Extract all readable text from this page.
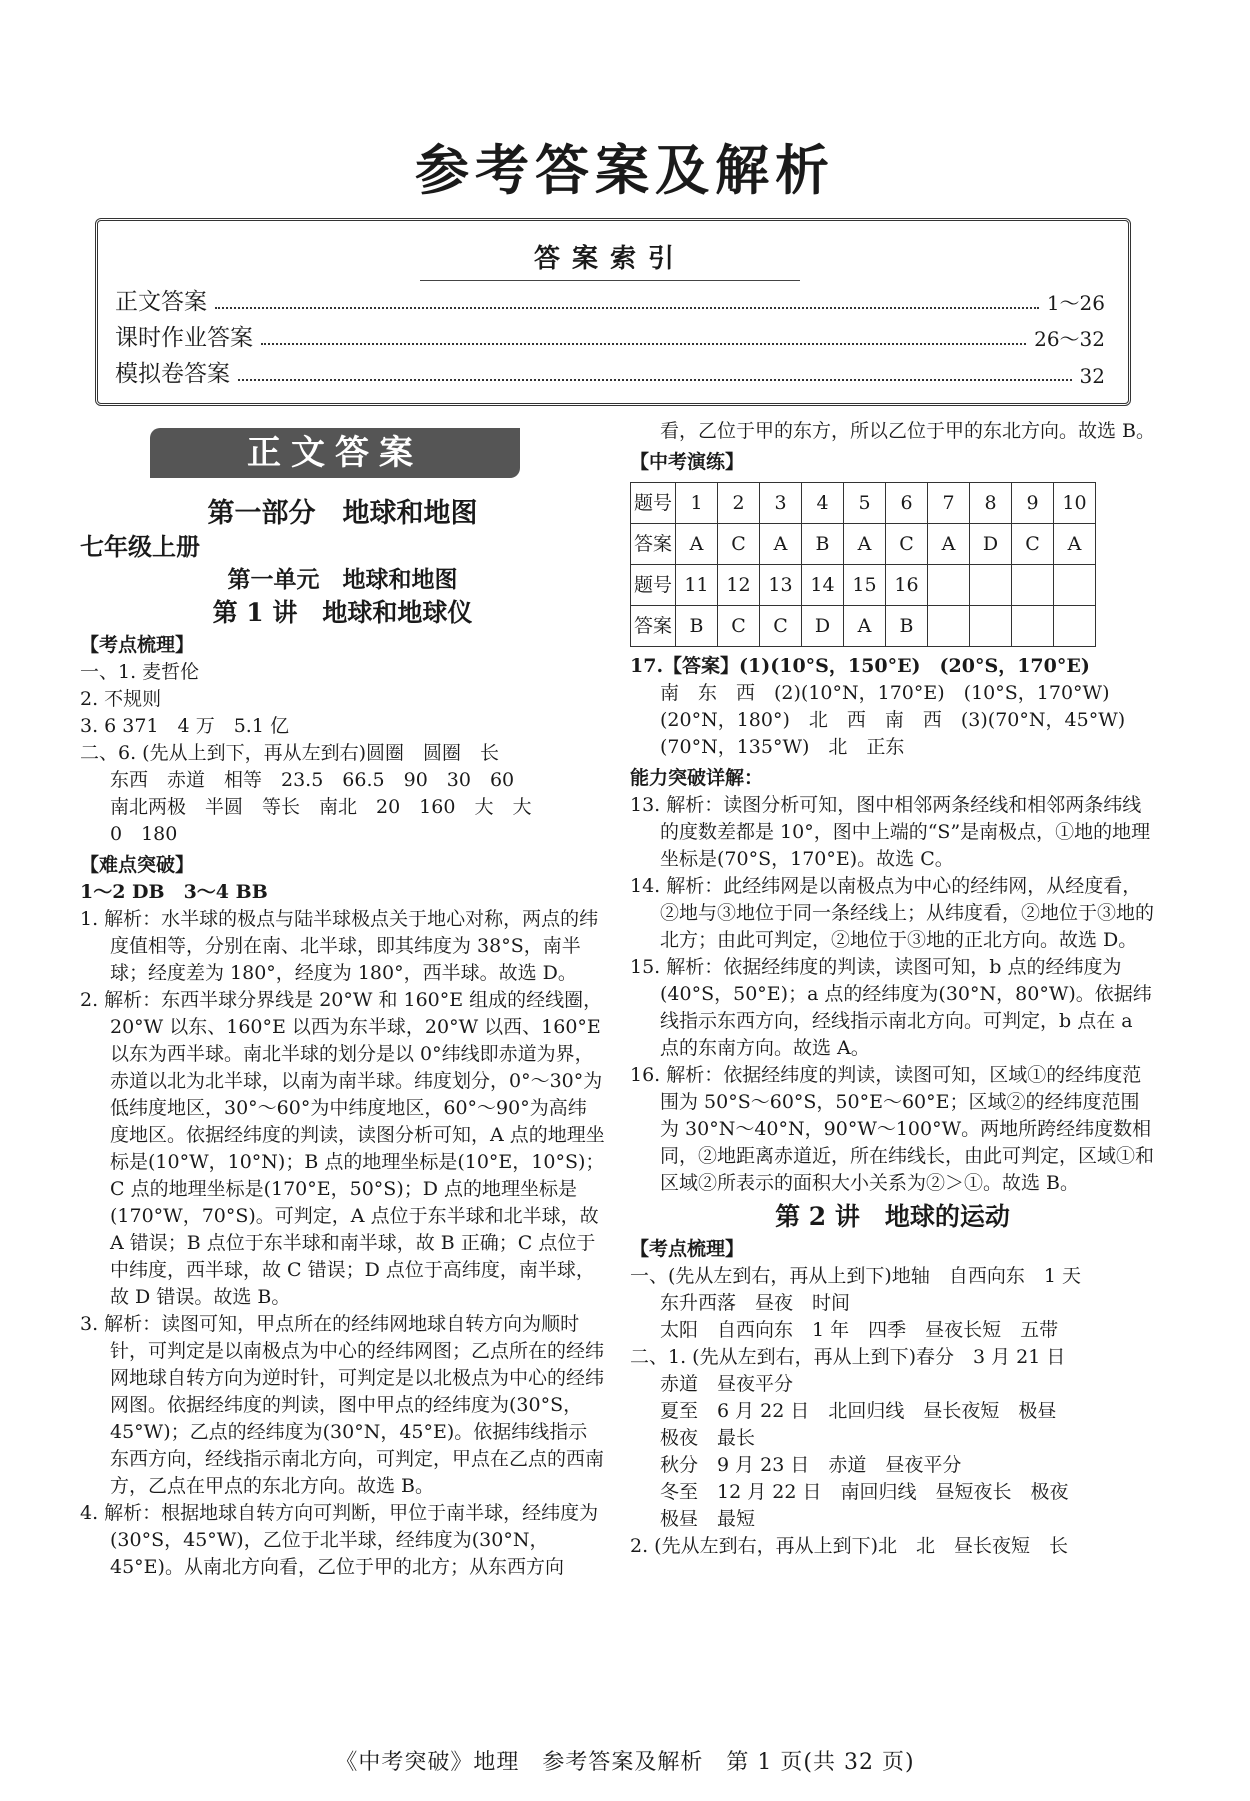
参考答案及解析
答案索引
正文答案	1～26
课时作业答案	26～32
模拟卷答案	32
正文答案
第一部分　地球和地图
七年级上册
第一单元　地球和地图
第 1 讲　地球和地球仪
【考点梳理】

一、1. 麦哲伦

2. 不规则

3. 6 371　4 万　5.1 亿

二、6. (先从上到下，再从左到右)圆圈　圆圈　长

东西　赤道　相等　23.5　66.5　90　30　60

南北两极　半圆　等长　南北　20　160　大　大

0　180

【难点突破】

1～2 DB　3～4 BB

1. 解析：水半球的极点与陆半球极点关于地心对称，两点的纬度值相等，分别在南、北半球，即其纬度为 38°S，南半球；经度差为 180°，经度为 180°，西半球。故选 D。

2. 解析：东西半球分界线是 20°W 和 160°E 组成的经线圈，20°W 以东、160°E 以西为东半球，20°W 以西、160°E 以东为西半球。南北半球的划分是以 0°纬线即赤道为界，赤道以北为北半球，以南为南半球。纬度划分，0°～30°为低纬度地区，30°～60°为中纬度地区，60°～90°为高纬度地区。依据经纬度的判读，读图分析可知，A 点的地理坐标是(10°W，10°N)；B 点的地理坐标是(10°E，10°S)；C 点的地理坐标是(170°E，50°S)；D 点的地理坐标是(170°W，70°S)。可判定，A 点位于东半球和北半球，故 A 错误；B 点位于东半球和南半球，故 B 正确；C 点位于中纬度，西半球，故 C 错误；D 点位于高纬度，南半球，故 D 错误。故选 B。

3. 解析：读图可知，甲点所在的经纬网地球自转方向为顺时针，可判定是以南极点为中心的经纬网图；乙点所在的经纬网地球自转方向为逆时针，可判定是以北极点为中心的经纬网图。依据经纬度的判读，图中甲点的经纬度为(30°S，45°W)；乙点的经纬度为(30°N，45°E)。依据纬线指示东西方向，经线指示南北方向，可判定，甲点在乙点的西南方，乙点在甲点的东北方向。故选 B。

4. 解析：根据地球自转方向可判断，甲位于南半球，经纬度为(30°S，45°W)，乙位于北半球，经纬度为(30°N，45°E)。从南北方向看，乙位于甲的北方；从东西方向

看，乙位于甲的东方，所以乙位于甲的东北方向。故选 B。

【中考演练】
题号	1	2	3	4	5	6	7	8	9	10
答案	A	C	A	B	A	C	A	D	C	A
题号	11	12	13	14	15	16				
答案	B	C	C	D	A	B				

17.【答案】(1)(10°S，150°E)　(20°S，170°E)

南　东　西　(2)(10°N，170°E)　(10°S，170°W)

(20°N，180°)　北　西　南　西　(3)(70°N，45°W)

(70°N，135°W)　北　正东

能力突破详解：

13. 解析：读图分析可知，图中相邻两条经线和相邻两条纬线的度数差都是 10°，图中上端的“S”是南极点，①地的地理坐标是(70°S，170°E)。故选 C。

14. 解析：此经纬网是以南极点为中心的经纬网，从经度看，②地与③地位于同一条经线上；从纬度看，②地位于③地的北方；由此可判定，②地位于③地的正北方向。故选 D。

15. 解析：依据经纬度的判读，读图可知，b 点的经纬度为(40°S，50°E)；a 点的经纬度为(30°N，80°W)。依据纬线指示东西方向，经线指示南北方向。可判定，b 点在 a 点的东南方向。故选 A。

16. 解析：依据经纬度的判读，读图可知，区域①的经纬度范围为 50°S～60°S，50°E～60°E；区域②的经纬度范围为 30°N～40°N，90°W～100°W。两地所跨经纬度数相同，②地距离赤道近，所在纬线长，由此可判定，区域①和区域②所表示的面积大小关系为②＞①。故选 B。

第 2 讲　地球的运动
【考点梳理】

一、(先从左到右，再从上到下)地轴　自西向东　1 天

东升西落　昼夜　时间

太阳　自西向东　1 年　四季　昼夜长短　五带

二、1. (先从左到右，再从上到下)春分　3 月 21 日

赤道　昼夜平分

夏至　6 月 22 日　北回归线　昼长夜短　极昼

极夜　最长

秋分　9 月 23 日　赤道　昼夜平分

冬至　12 月 22 日　南回归线　昼短夜长　极夜

极昼　最短

2. (先从左到右，再从上到下)北　北　昼长夜短　长

《中考突破》地理　参考答案及解析　第 1 页(共 32 页)
